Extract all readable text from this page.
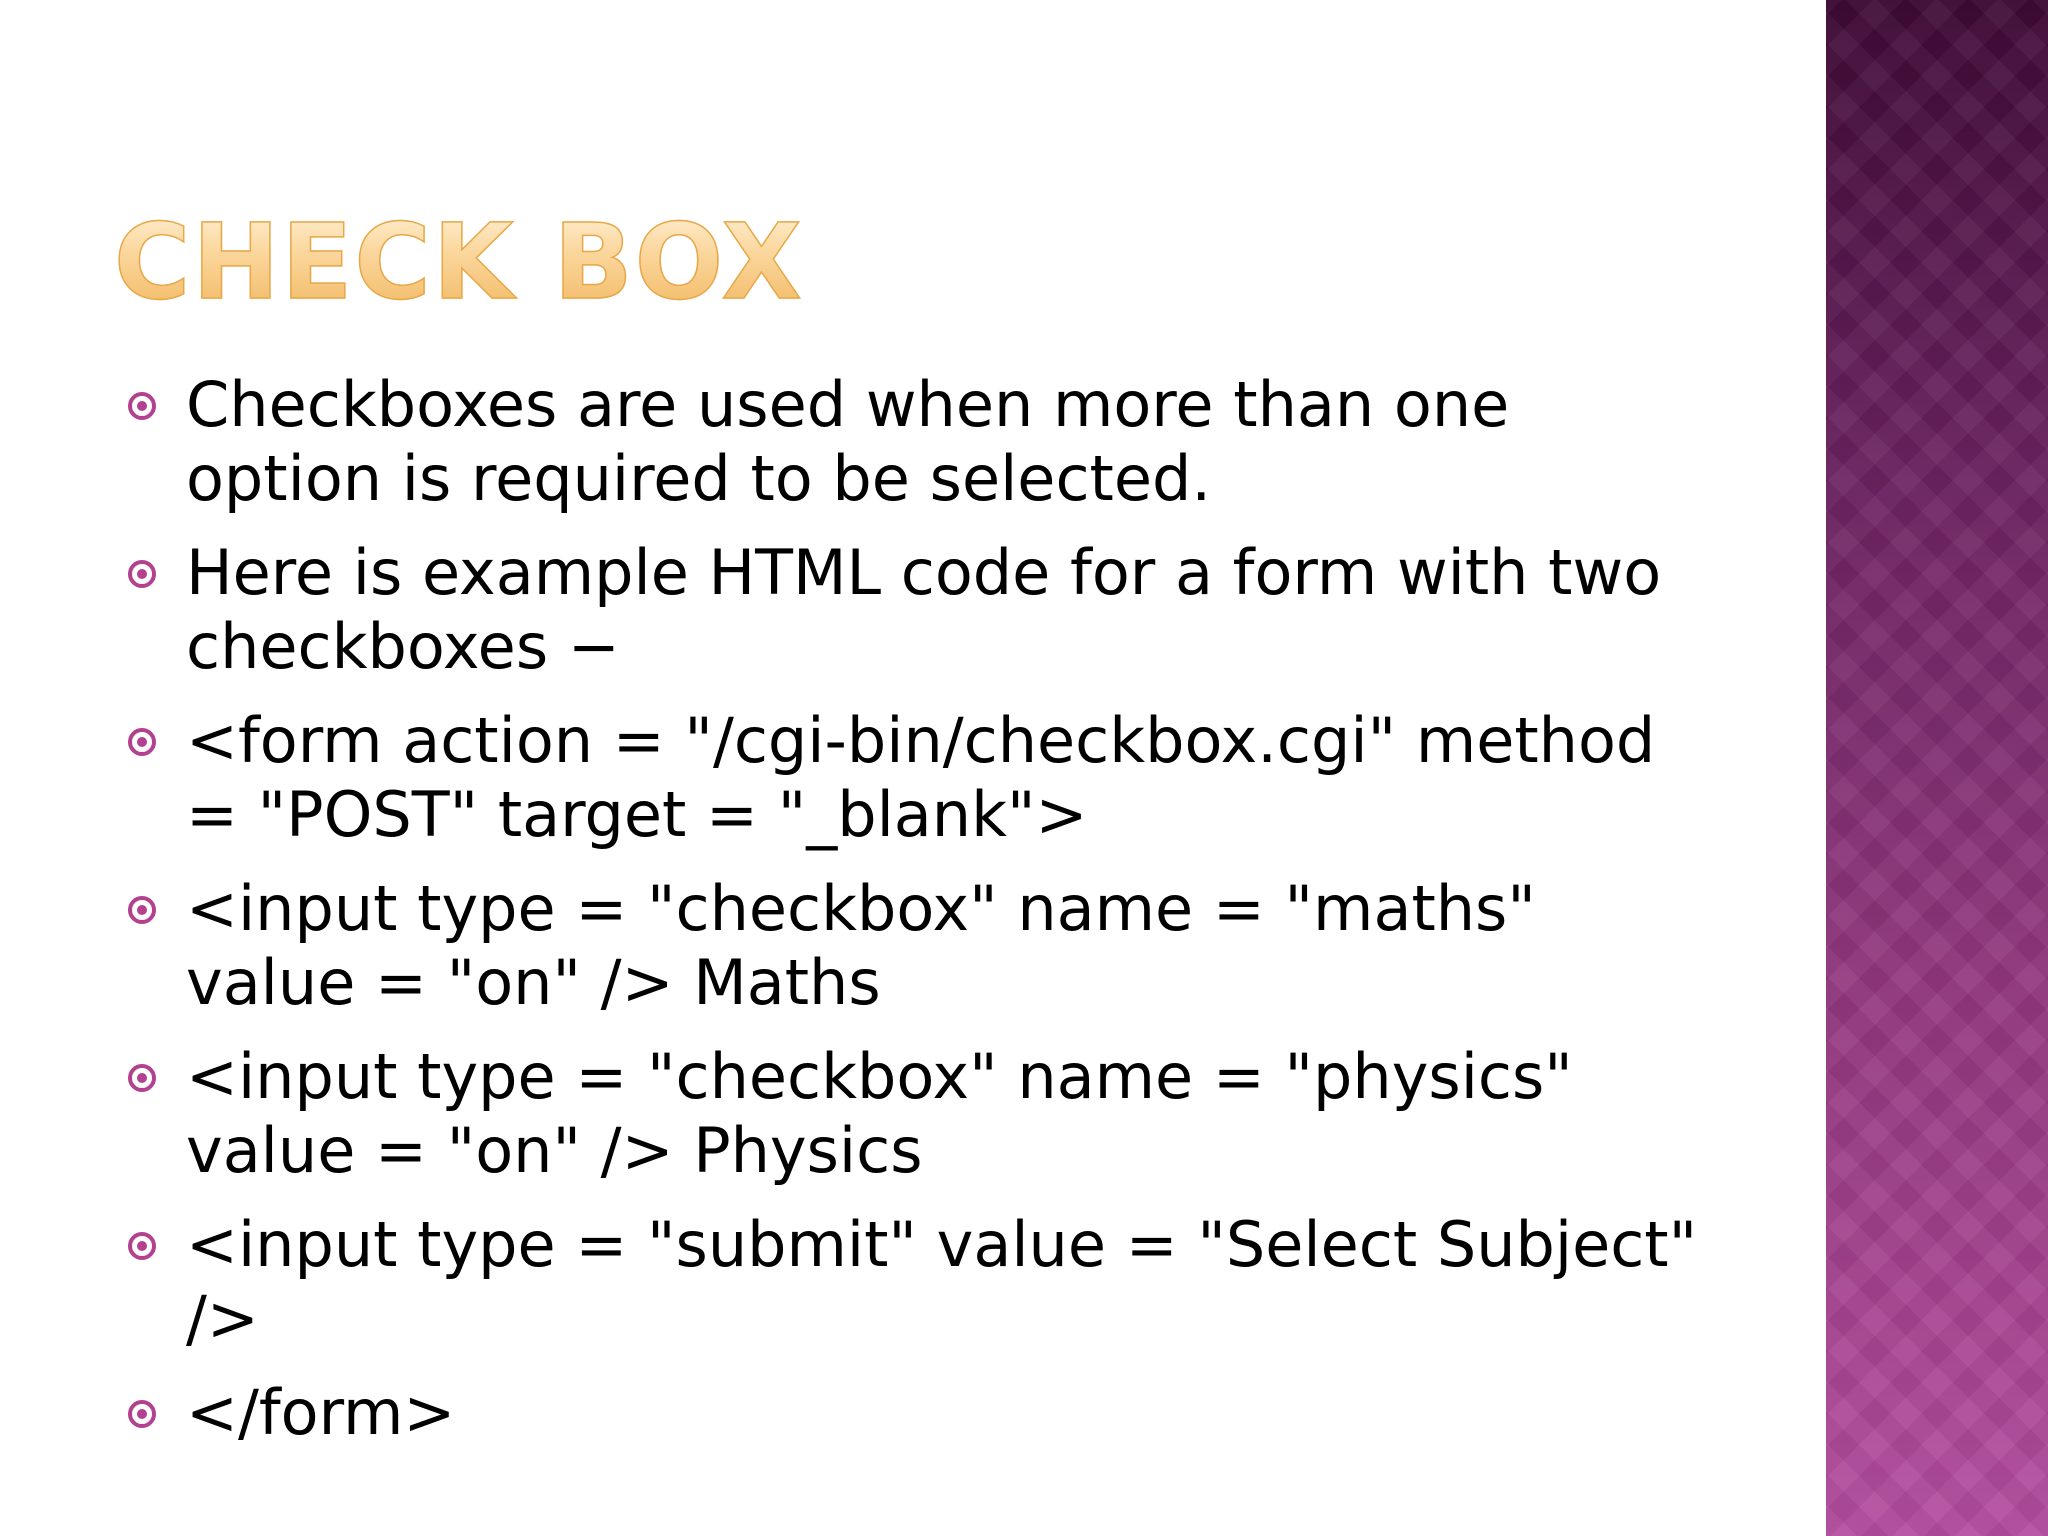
CHECK BOX
Checkboxes are used when more than one option is required to be selected.
Here is example HTML code for a form with two checkboxes −
<form action = "/cgi-bin/checkbox.cgi" method = "POST" target = "_blank">
<input type = "checkbox" name = "maths" value = "on" /> Maths
<input type = "checkbox" name = "physics" value = "on" /> Physics
<input type = "submit" value = "Select Subject" />
</form>
